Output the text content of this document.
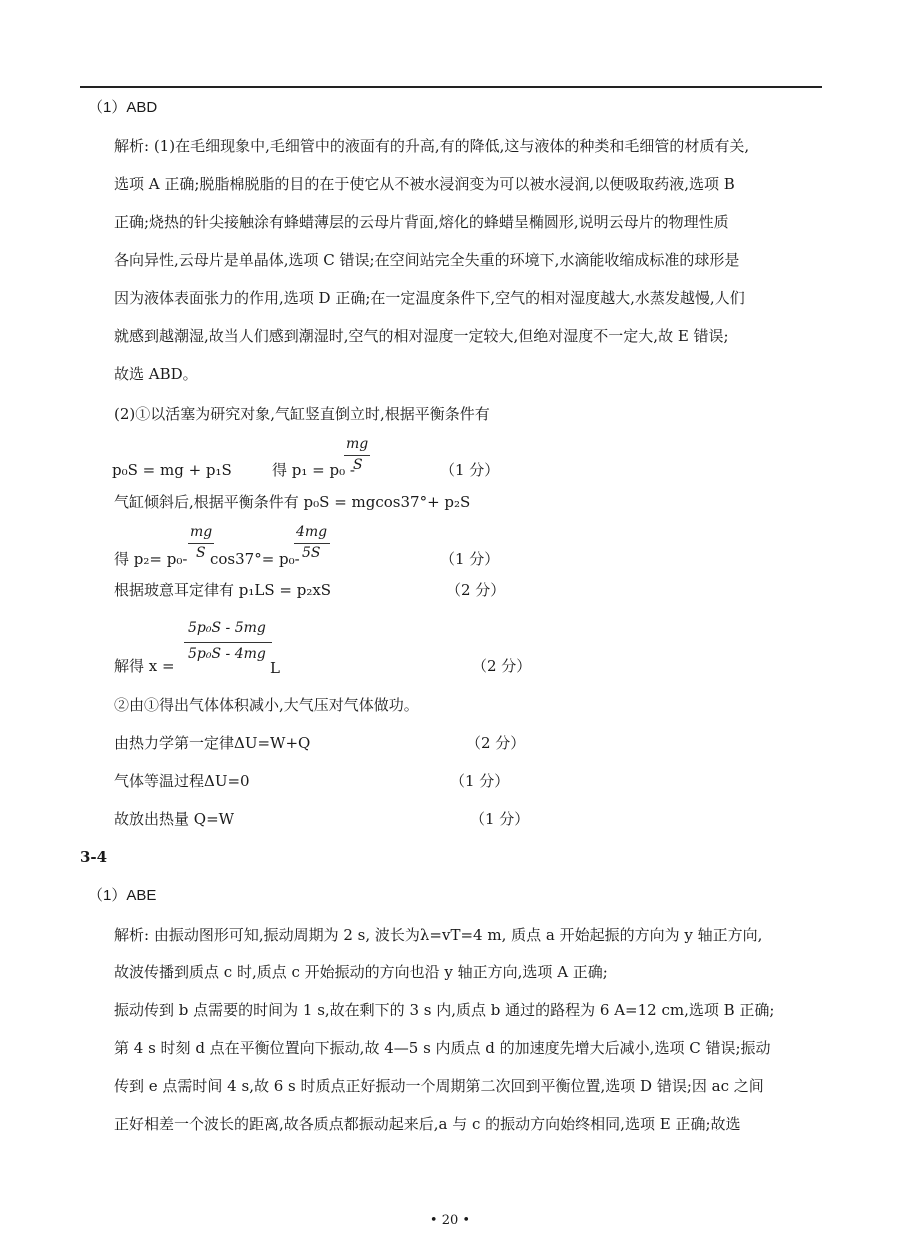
（1）ABD
解析: (1)在毛细现象中,毛细管中的液面有的升高,有的降低,这与液体的种类和毛细管的材质有关,
选项 A 正确;脱脂棉脱脂的目的在于使它从不被水浸润变为可以被水浸润,以便吸取药液,选项 B
正确;烧热的针尖接触涂有蜂蜡薄层的云母片背面,熔化的蜂蜡呈椭圆形,说明云母片的物理性质
各向异性,云母片是单晶体,选项 C 错误;在空间站完全失重的环境下,水滴能收缩成标准的球形是
因为液体表面张力的作用,选项 D 正确;在一定温度条件下,空气的相对湿度越大,水蒸发越慢,人们
就感到越潮湿,故当人们感到潮湿时,空气的相对湿度一定较大,但绝对湿度不一定大,故 E 错误;
故选 ABD。
(2)①以活塞为研究对象,气缸竖直倒立时,根据平衡条件有
p₀S = mg + p₁S	得 p₁ = p₀ -
mg
S	（1 分）
气缸倾斜后,根据平衡条件有 p₀S = mgcos37°+ p₂S
得 p₂= p₀-
mg
S cos37°= p₀-
4mg
5S	（1 分）
根据玻意耳定律有 p₁LS = p₂xS	（2 分）
解得 x =
5p₀S - 5mg
5p₀S - 4mg
L	（2 分）
②由①得出气体体积减小,大气压对气体做功。
由热力学第一定律ΔU=W+Q	（2 分）
气体等温过程ΔU=0	（1 分）
故放出热量 Q=W	（1 分）
3-4
（1）ABE
解析: 由振动图形可知,振动周期为 2 s, 波长为λ=vT=4 m, 质点 a 开始起振的方向为 y 轴正方向,
故波传播到质点 c 时,质点 c 开始振动的方向也沿 y 轴正方向,选项 A 正确;
振动传到 b 点需要的时间为 1 s,故在剩下的 3 s 内,质点 b 通过的路程为 6 A=12 cm,选项 B 正确;
第 4 s 时刻 d 点在平衡位置向下振动,故 4—5 s 内质点 d 的加速度先增大后减小,选项 C 错误;振动
传到 e 点需时间 4 s,故 6 s 时质点正好振动一个周期第二次回到平衡位置,选项 D 错误;因 ac 之间
正好相差一个波长的距离,故各质点都振动起来后,a 与 c 的振动方向始终相同,选项 E 正确;故选
• 20 •
